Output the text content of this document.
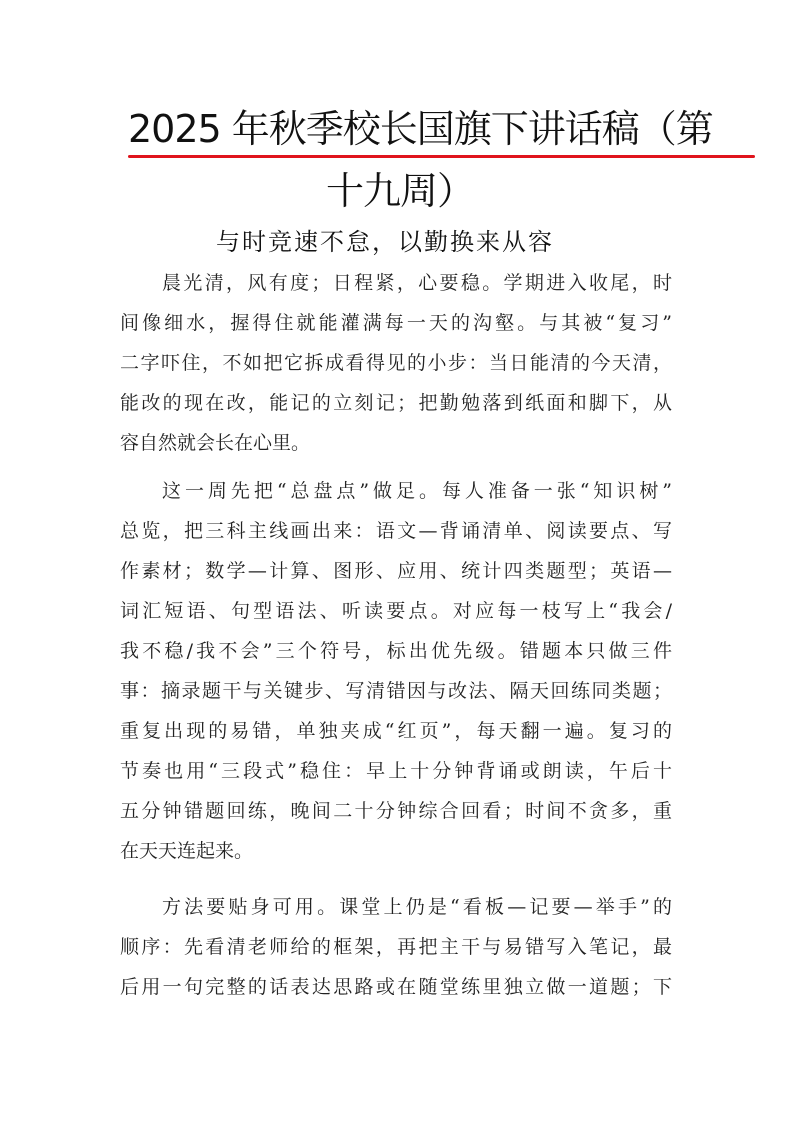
2025 年秋季校长国旗下讲话稿（第
十九周）
与时竞速不怠，以勤换来从容
晨光清，风有度；日程紧，心要稳。学期进入收尾，时
间像细水，握得住就能灌满每一天的沟壑。与其被“复习”
二字吓住，不如把它拆成看得见的小步：当日能清的今天清，
能改的现在改，能记的立刻记；把勤勉落到纸面和脚下，从
容自然就会长在心里。
这一周先把“总盘点”做足。每人准备一张“知识树”
总览，把三科主线画出来：语文—背诵清单、阅读要点、写
作素材；数学—计算、图形、应用、统计四类题型；英语—
词汇短语、句型语法、听读要点。对应每一枝写上“我会/
我不稳/我不会”三个符号，标出优先级。错题本只做三件
事：摘录题干与关键步、写清错因与改法、隔天回练同类题；
重复出现的易错，单独夹成“红页”，每天翻一遍。复习的
节奏也用“三段式”稳住：早上十分钟背诵或朗读，午后十
五分钟错题回练，晚间二十分钟综合回看；时间不贪多，重
在天天连起来。
方法要贴身可用。课堂上仍是“看板—记要—举手”的
顺序：先看清老师给的框架，再把主干与易错写入笔记，最
后用一句完整的话表达思路或在随堂练里独立做一道题；下
